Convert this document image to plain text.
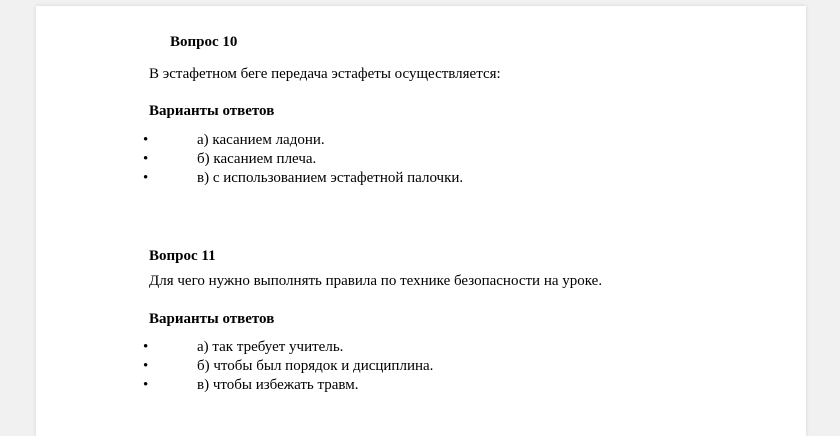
Вопрос 10
В эстафетном беге передача эстафеты осуществляется:
Варианты ответов
•	а) касанием ладони.
•	б) касанием плеча.
•	в) с использованием эстафетной палочки.
Вопрос 11
Для чего нужно выполнять правила по технике безопасности на уроке.
Варианты ответов
•	а) так требует учитель.
•	б) чтобы был порядок и дисциплина.
•	в) чтобы избежать травм.
